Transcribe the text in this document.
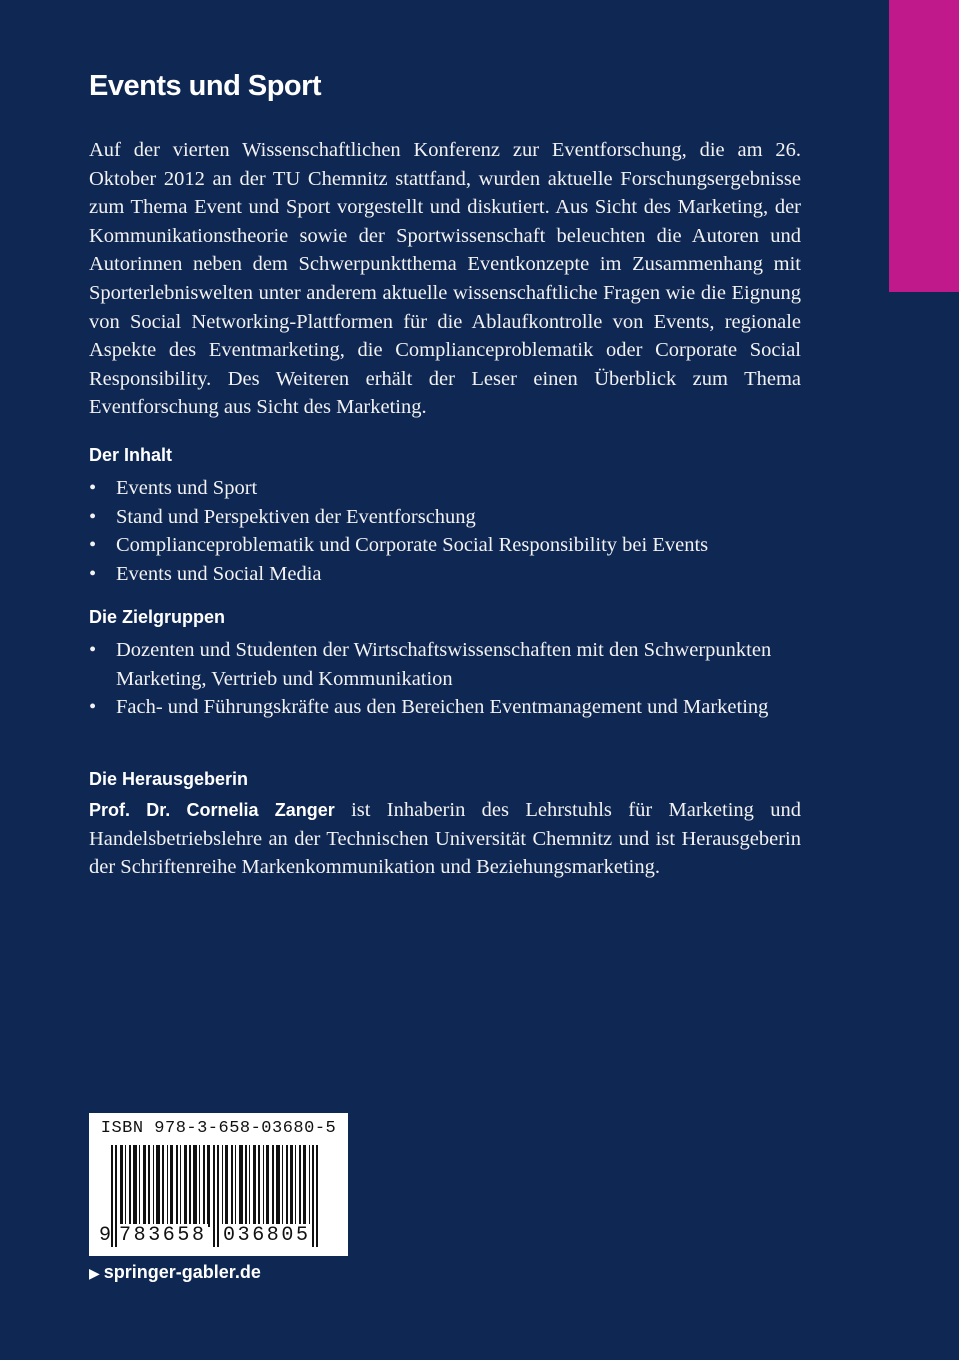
Events und Sport

Auf der vierten Wissenschaftlichen Konferenz zur Eventforschung, die am 26. Oktober 2012 an der TU Chemnitz stattfand, wurden aktuelle Forschungsergebnisse zum Thema Event und Sport vorgestellt und diskutiert. Aus Sicht des Marketing, der Kommunikationstheorie sowie der Sportwissenschaft beleuchten die Autoren und Autorinnen neben dem Schwerpunktthema Eventkonzepte im Zusammenhang mit Sporterlebniswelten unter anderem aktuelle wissenschaftliche Fragen wie die Eignung von Social Networking-Plattformen für die Ablaufkontrolle von Events, regionale Aspekte des Eventmarketing, die Complianceproblematik oder Corporate Social Responsibility. Des Weiteren erhält der Leser einen Überblick zum Thema Eventforschung aus Sicht des Marketing.

Der Inhalt
• Events und Sport
• Stand und Perspektiven der Eventforschung
• Complianceproblematik und Corporate Social Responsibility bei Events
• Events und Social Media
Die Zielgruppen
• Dozenten und Studenten der Wirtschaftswissenschaften mit den Schwerpunkten Marketing, Vertrieb und Kommunikation
• Fach- und Führungskräfte aus den Bereichen Eventmanagement und Marketing
Die Herausgeberin

Prof. Dr. Cornelia Zanger ist Inhaberin des Lehrstuhls für Marketing und Handelsbetriebslehre an der Technischen Universität Chemnitz und ist Herausgeberin der Schriftenreihe Markenkommunikation und Beziehungsmarketing.

ISBN 978-3-658-03680-5
9 783658 036805
▶ springer-gabler.de
